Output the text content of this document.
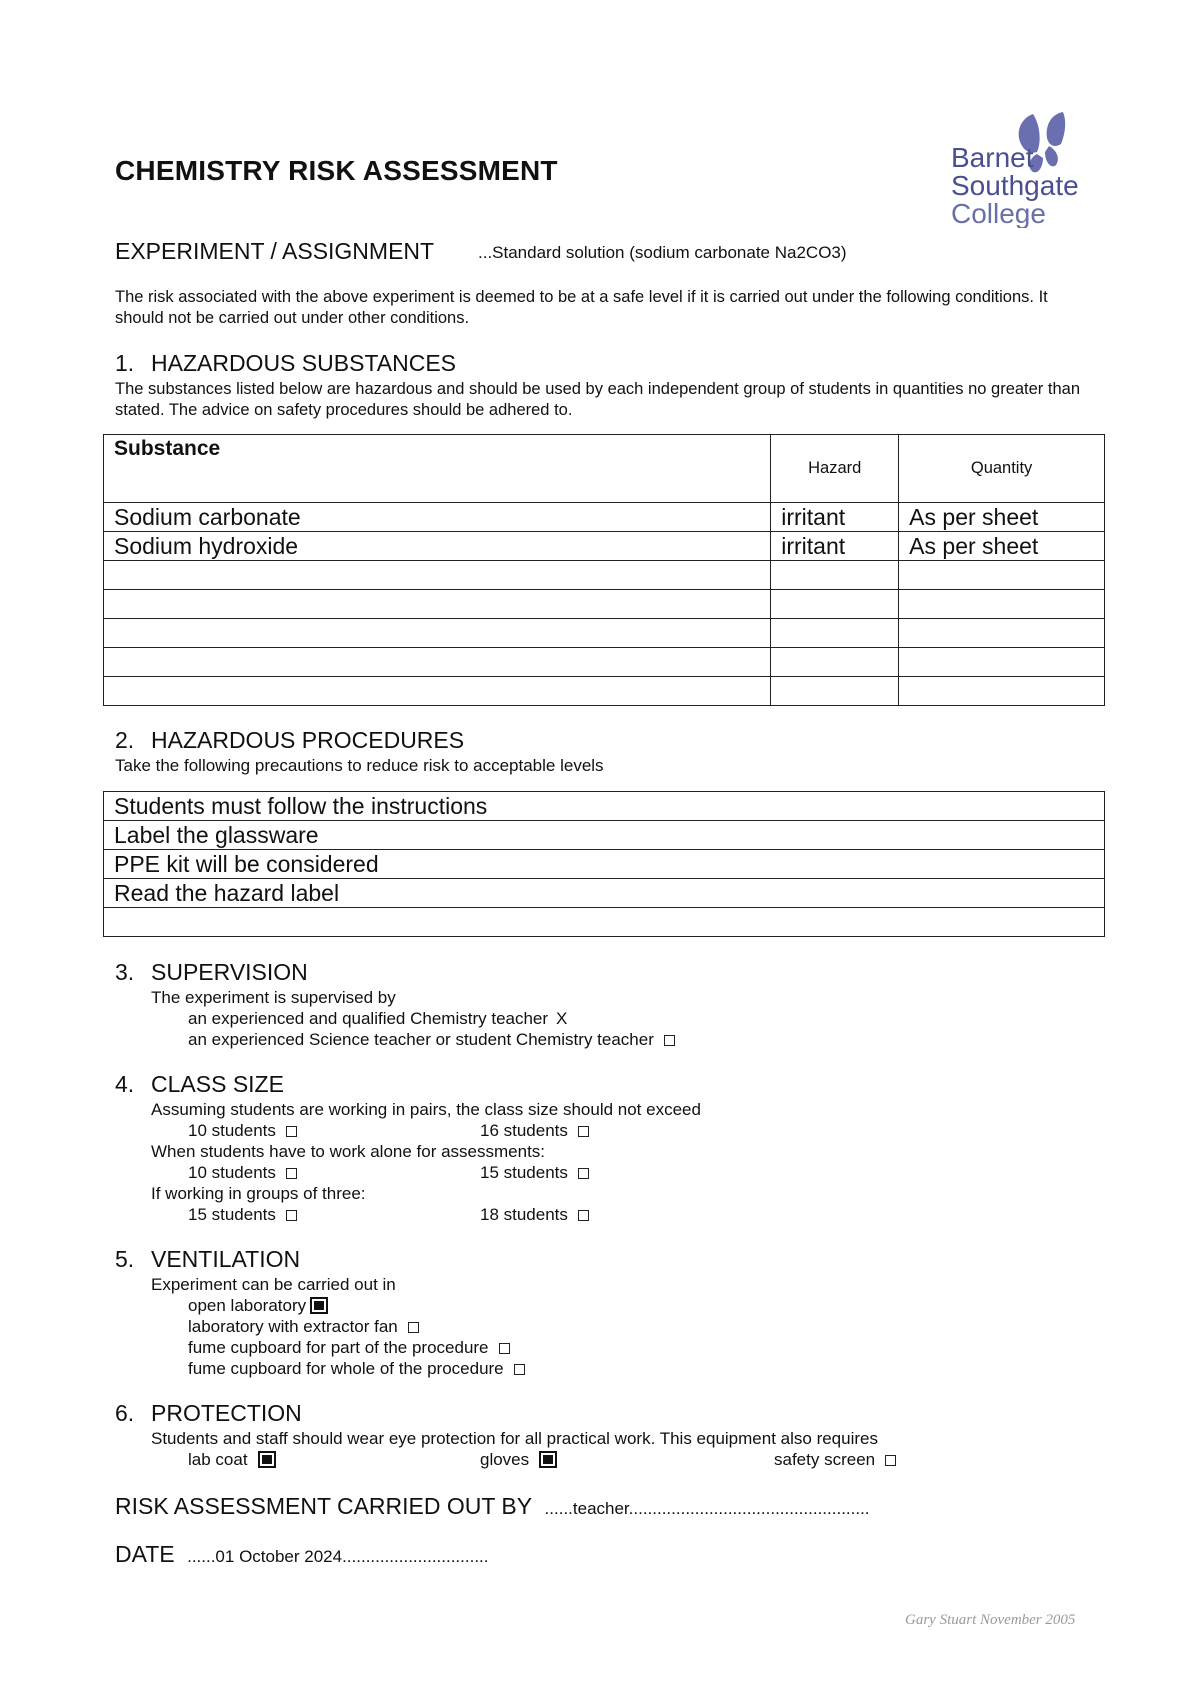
CHEMISTRY RISK ASSESSMENT	Barnet
Southgate
College
EXPERIMENT / ASSIGNMENT	...Standard solution (sodium carbonate Na2CO3)
The risk associated with the above experiment is deemed to be at a safe level if it is carried out under the following conditions. It should not be carried out under other conditions.
1. HAZARDOUS SUBSTANCES
The substances listed below are hazardous and should be used by each independent group of students in quantities no greater than stated. The advice on safety procedures should be adhered to.
Substance	Hazard	Quantity
Sodium carbonate	irritant	As per sheet
Sodium hydroxide	irritant	As per sheet

2. HAZARDOUS PROCEDURES
Take the following precautions to reduce risk to acceptable levels
Students must follow the instructions
Label the glassware
PPE kit will be considered
Read the hazard label

3. SUPERVISION
The experiment is supervised by
an experienced and qualified Chemistry teacher X
an experienced Science teacher or student Chemistry teacher
4. CLASS SIZE
Assuming students are working in pairs, the class size should not exceed
10 students	16 students
When students have to work alone for assessments:
10 students	15 students
If working in groups of three:
15 students	18 students
5. VENTILATION
Experiment can be carried out in
open laboratory
laboratory with extractor fan
fume cupboard for part of the procedure
fume cupboard for whole of the procedure
6. PROTECTION
Students and staff should wear eye protection for all practical work. This equipment also requires
lab coat	gloves	safety screen
RISK ASSESSMENT CARRIED OUT BY ......teacher...................................................
DATE ......01 October 2024...............................
Gary Stuart November 2005
